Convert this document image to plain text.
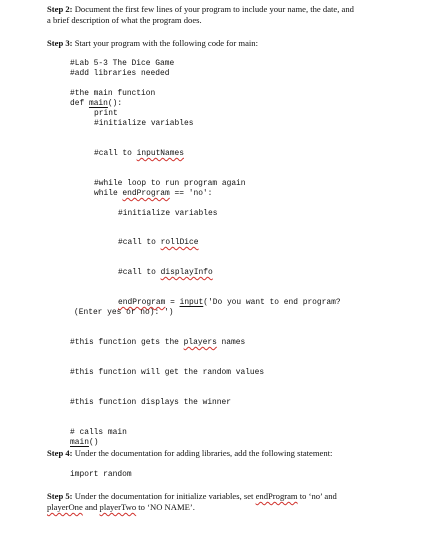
Step 2: Document the first few lines of your program to include your name, the date, and
a brief description of what the program does.
Step 3: Start your program with the following code for main:
#Lab 5-3 The Dice Game
#add libraries needed
#the main function
def main():
print
#initialize variables
#call to inputNames
#while loop to run program again
while endProgram == 'no':
#initialize variables
#call to rollDice
#call to displayInfo
endProgram = input('Do you want to end program?
(Enter yes or no): ')
#this function gets the players names
#this function will get the random values
#this function displays the winner
# calls main
main()
Step 4: Under the documentation for adding libraries, add the following statement:
import random
Step 5: Under the documentation for initialize variables, set endProgram to ‘no’ and
playerOne and playerTwo to ‘NO NAME’.
